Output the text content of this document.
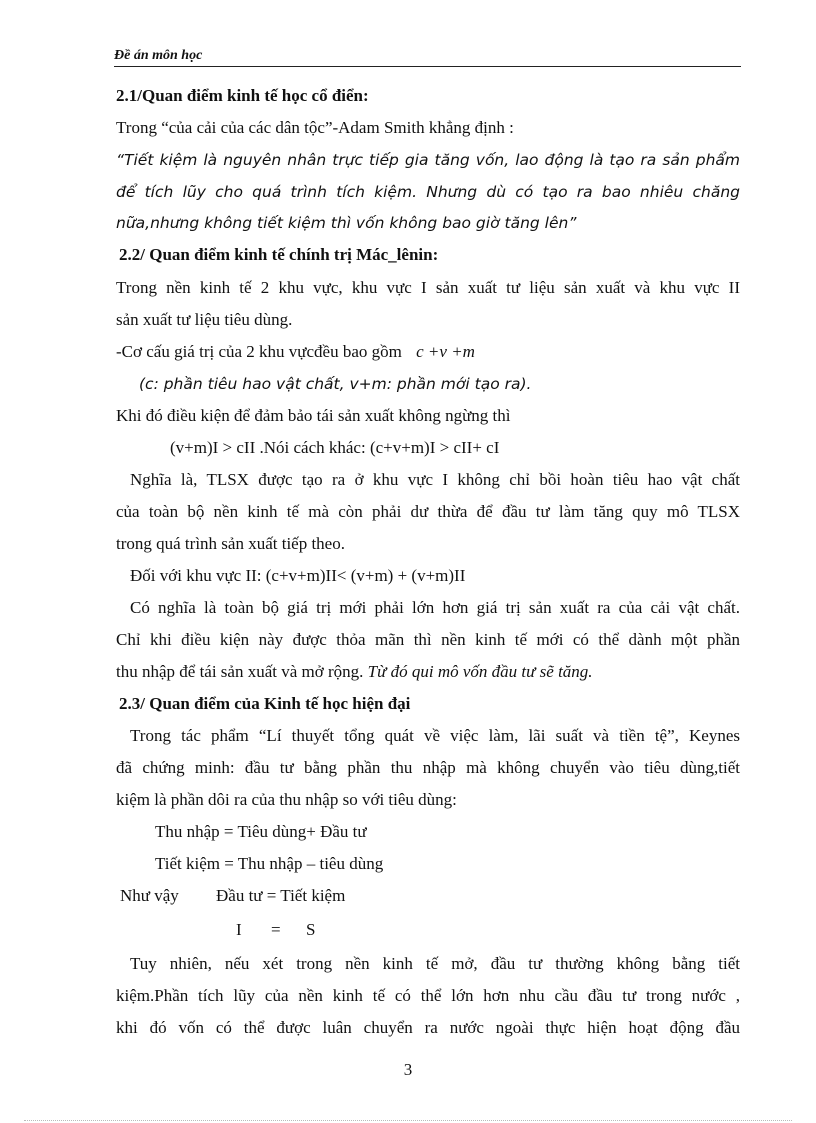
Đề án môn học
2.1/Quan điểm kinh tế học cổ điển:
Trong “của cải của các dân tộc”-Adam Smith khẳng định :
“Tiết kiệm là nguyên nhân trực tiếp gia tăng vốn, lao động là tạo ra sản phẩm
để tích lũy cho quá trình tích kiệm. Nhưng dù có tạo ra bao nhiêu chăng
nữa,nhưng không tiết kiệm thì vốn không bao giờ tăng lên”
2.2/ Quan điểm kinh tế chính trị Mác_lênin:
Trong nền kinh tế 2 khu vực, khu vực I sản xuất tư liệu sản xuất và khu vực II
sản xuất tư liệu tiêu dùng.
-Cơ cấu giá trị của 2 khu vựcđều bao gồm c +v +m
(c: phần tiêu hao vật chất, v+m: phần mới tạo ra).
Khi đó điều kiện để đảm bảo tái sản xuất không ngừng thì
(v+m)I > cII .Nói cách khác: (c+v+m)I > cII+ cI
Nghĩa là, TLSX được tạo ra ở khu vực I không chỉ bồi hoàn tiêu hao vật chất
của toàn bộ nền kinh tế mà còn phải dư thừa để đầu tư làm tăng quy mô TLSX
trong quá trình sản xuất tiếp theo.
Đối với khu vực II: (c+v+m)II< (v+m) + (v+m)II
Có nghĩa là toàn bộ giá trị mới phải lớn hơn giá trị sản xuất ra của cải vật chất.
Chỉ khi điều kiện này được thỏa mãn thì nền kinh tế mới có thể dành một phần
thu nhập để tái sản xuất và mở rộng. Từ đó qui mô vốn đầu tư sẽ tăng.
2.3/ Quan điểm của Kinh tế học hiện đại
Trong tác phẩm “Lí thuyết tổng quát về việc làm, lãi suất và tiền tệ”, Keynes
đã chứng minh: đầu tư bằng phần thu nhập mà không chuyển vào tiêu dùng,tiết
kiệm là phần dôi ra của thu nhập so với tiêu dùng:
Thu nhập = Tiêu dùng+ Đầu tư
Tiết kiệm = Thu nhập – tiêu dùng
Như vậy Đầu tư = Tiết kiệm
I = S
Tuy nhiên, nếu xét trong nền kinh tế mở, đầu tư thường không bằng tiết
kiệm.Phần tích lũy của nền kinh tế có thể lớn hơn nhu cầu đầu tư trong nước ,
khi đó vốn có thể được luân chuyển ra nước ngoài thực hiện hoạt động đầu
3
